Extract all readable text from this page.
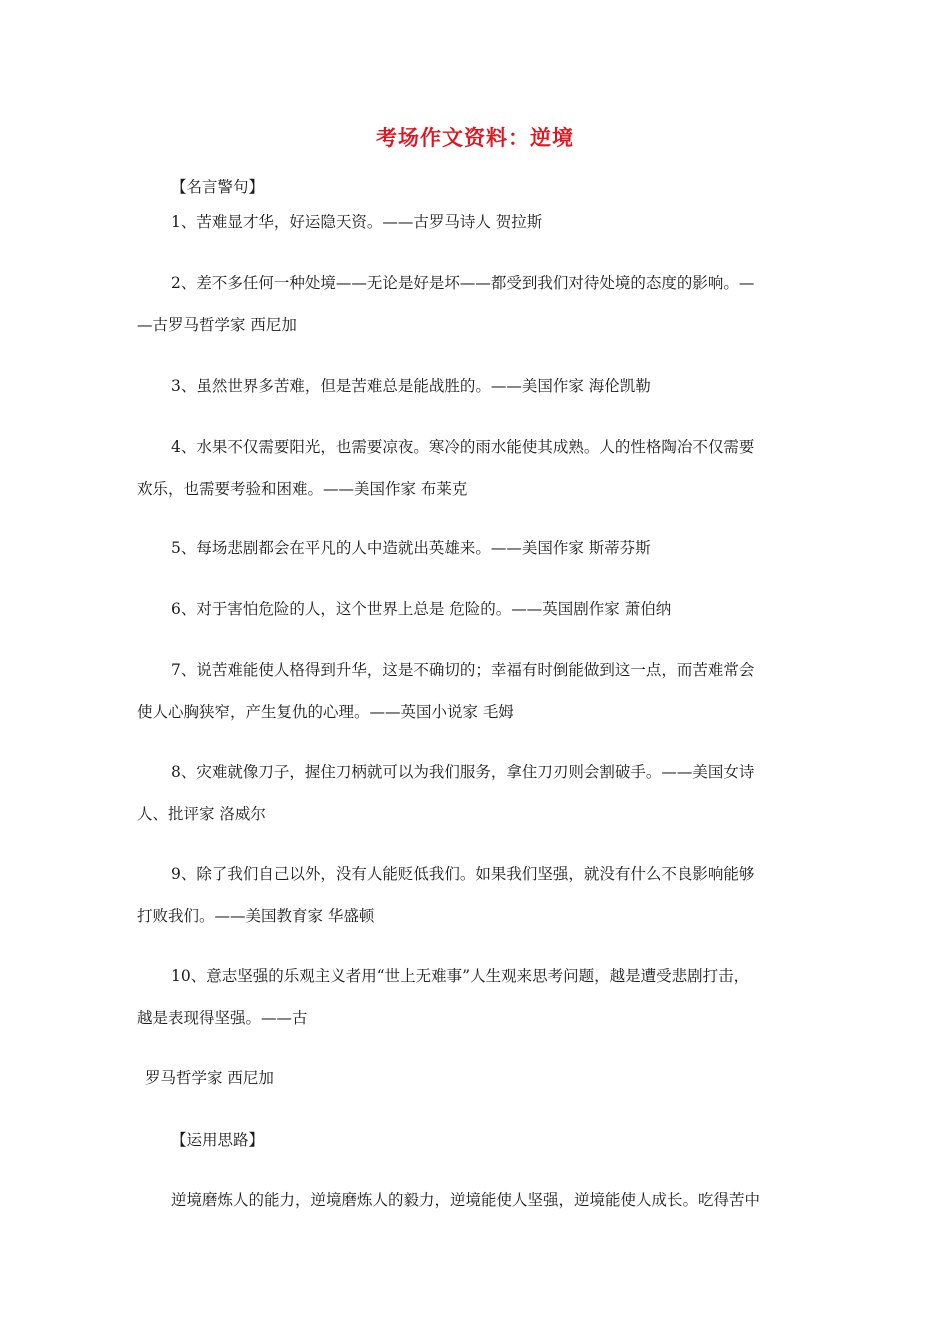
考场作文资料：逆境
【名言警句】
1、苦难显才华，好运隐天资。——古罗马诗人 贺拉斯
2、差不多任何一种处境——无论是好是坏——都受到我们对待处境的态度的影响。—
—古罗马哲学家 西尼加
3、虽然世界多苦难，但是苦难总是能战胜的。——美国作家 海伦凯勒
4、水果不仅需要阳光，也需要凉夜。寒冷的雨水能使其成熟。人的性格陶冶不仅需要
欢乐，也需要考验和困难。——美国作家 布莱克
5、每场悲剧都会在平凡的人中造就出英雄来。——美国作家 斯蒂芬斯
6、对于害怕危险的人，这个世界上总是 危险的。——英国剧作家 萧伯纳
7、说苦难能使人格得到升华，这是不确切的；幸福有时倒能做到这一点，而苦难常会
使人心胸狭窄，产生复仇的心理。——英国小说家 毛姆
8、灾难就像刀子，握住刀柄就可以为我们服务，拿住刀刃则会割破手。——美国女诗
人、批评家 洛威尔
9、除了我们自己以外，没有人能贬低我们。如果我们坚强，就没有什么不良影响能够
打败我们。——美国教育家 华盛顿
10、意志坚强的乐观主义者用“世上无难事”人生观来思考问题，越是遭受悲剧打击，
越是表现得坚强。——古
罗马哲学家 西尼加
【运用思路】
逆境磨炼人的能力，逆境磨炼人的毅力，逆境能使人坚强，逆境能使人成长。吃得苦中
